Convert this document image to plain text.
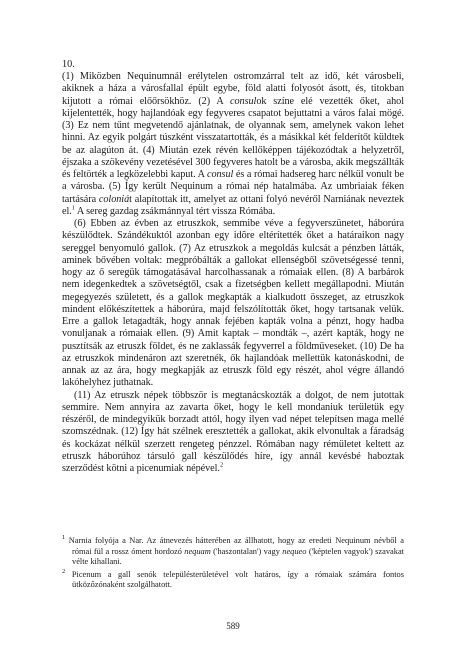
10.

(1) Miközben Nequinumnál erélytelen ostromzárral telt az idő, két városbeli, akiknek a háza a városfallal épült egybe, föld alatti folyosót ásott, és, titokban kijutott a római előőrsökhöz. (2) A consulok színe elé vezették őket, ahol kijelentették, hogy hajlandóak egy fegyveres csapatot bejuttatni a város falai mögé. (3) Ez nem tűnt megvetendő ajánlatnak, de olyannak sem, amelynek vakon lehet hinni. Az egyik polgárt túszként visszatartották, és a másikkal két felderítőt küldtek be az alagúton át. (4) Miután ezek révén kellőképpen tájékozódtak a helyzetről, éjszaka a szökevény vezetésével 300 fegyveres hatolt be a városba, akik megszállták és feltörték a legközelebbi kaput. A consul és a római hadsereg harc nélkül vonult be a városba. (5) Így került Nequinum a római nép hatalmába. Az umbriaiak féken tartására coloniát alapítottak itt, amelyet az ottani folyó nevéről Narniának neveztek el.$^1$ A sereg gazdag zsákmánnyal tért vissza Rómába.

(6) Ebben az évben az etruszkok, semmibe véve a fegyverszünetet, háborúra készülődtek. Szándékuktól azonban egy idõre eltérítették őket a határaikon nagy sereggel benyomuló gallok. (7) Az etruszkok a megoldás kulcsát a pénzben látták, aminek bővében voltak: megpróbálták a gallokat ellenségből szövetségessé tenni, hogy az ő seregük támogatásával harcolhassanak a rómaiak ellen. (8) A barbárok nem idegenkedtek a szövetségtől, csak a fizetségben kellett megállapodni. Miután megegyezés született, és a gallok megkapták a kialkudott összeget, az etruszkok mindent előkészítettek a háborúra, majd felszólították őket, hogy tartsanak velük. Erre a gallok letagadták, hogy annak fejében kapták volna a pénzt, hogy hadba vonuljanak a rómaiak ellen. (9) Amit kaptak – mondták –, azért kapták, hogy ne pusztítsák az etruszk földet, és ne zaklassák fegyverrel a földműveseket. (10) De ha az etruszkok mindenáron azt szeretnék, ők hajlandóak mellettük katonáskodni, de annak az az ára, hogy megkapják az etruszk föld egy részét, ahol végre állandó lakóhelyhez juthatnak.

(11) Az etruszk népek többször is megtanácskozták a dolgot, de nem jutottak semmire. Nem annyira az zavarta őket, hogy le kell mondaniuk területük egy részéről, de mindegyikük borzadt attól, hogy ilyen vad népet telepítsen maga mellé szomszédnak. (12) Így hát szélnek eresztették a gallokat, akik elvonultak a fáradság és kockázat nélkül szerzett rengeteg pénzzel. Rómában nagy rémületet keltett az etruszk háborúhoz társuló gall készülődés híre, így annál kevésbé haboztak szerződést kötni a picenumiak népével.$^2$

$^1$ Narnia folyója a Nar. Az átnevezés hátterében az állhatott, hogy az eredeti Nequinum névből a római fül a rossz óment hordozó nequam ('haszontalan') vagy nequeo ('képtelen vagyok') szavakat vélte kihallani.

$^2$ Picenum a gall senók településterületével volt határos, így a rómaiak számára fontos ütközőzónaként szolgálhatott.

589
